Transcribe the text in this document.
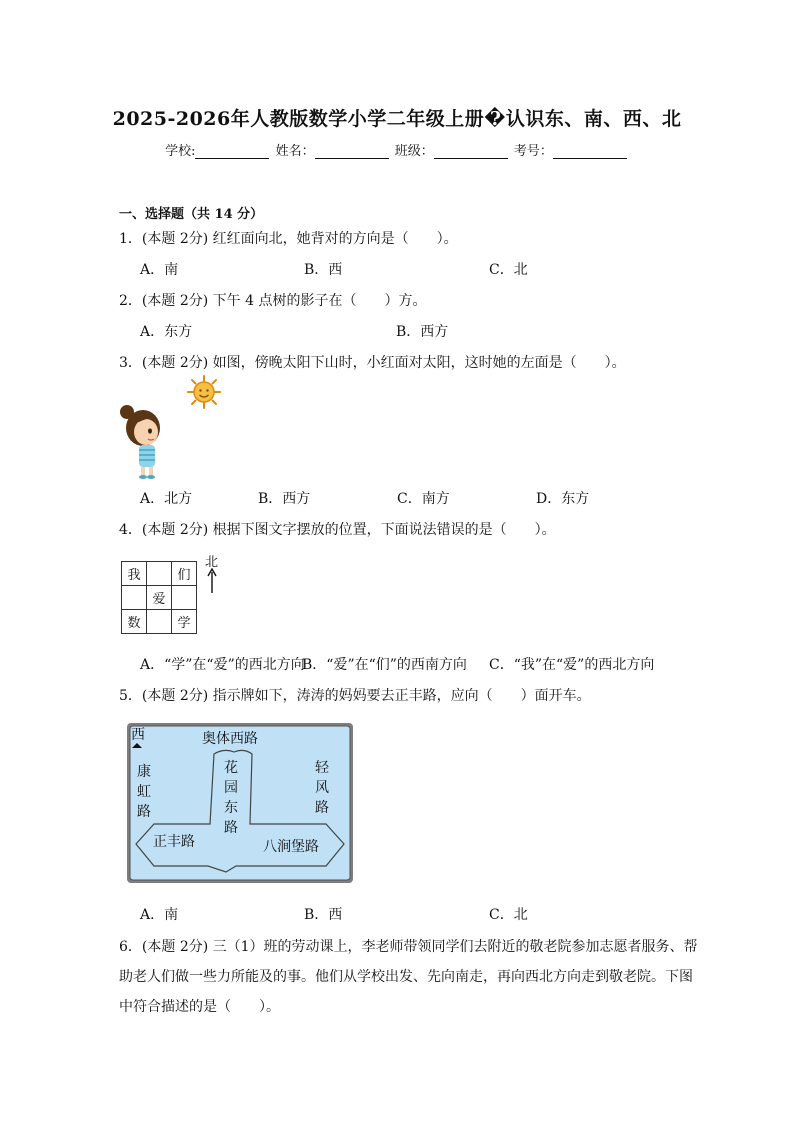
2025-2026年人教版数学小学二年级上册�认识东、南、西、北
学校:	姓名：	班级：	考号：
一、选择题（共 14 分）
1．(本题 2分) 红红面向北，她背对的方向是（　　）。
A．南	B．西	C．北
2．(本题 2分) 下午 4 点树的影子在（　　）方。
A．东方	B．西方
3．(本题 2分) 如图，傍晚太阳下山时，小红面对太阳，这时她的左面是（　　）。
A．北方	B．西方	C．南方	D．东方
4．(本题 2分) 根据下图文字摆放的位置，下面说法错误的是（　　）。
我		们
	爱	
数		学
北
A．“学”在“爱”的西北方向
B．“爱”在“们”的西南方向 C．“我”在“爱”的西北方向
5．(本题 2分) 指示牌如下，涛涛的妈妈要去正丰路，应向（　　）面开车。
西	奥体西路
康
虹
路
花
园
东
路
轻
风
路
正丰路	八涧堡路
A．南	B．西	C．北
6．(本题 2分) 三（1）班的劳动课上，李老师带领同学们去附近的敬老院参加志愿者服务、帮助老人们做一些力所能及的事。他们从学校出发、先向南走，再向西北方向走到敬老院。下图中符合描述的是（　　）。
